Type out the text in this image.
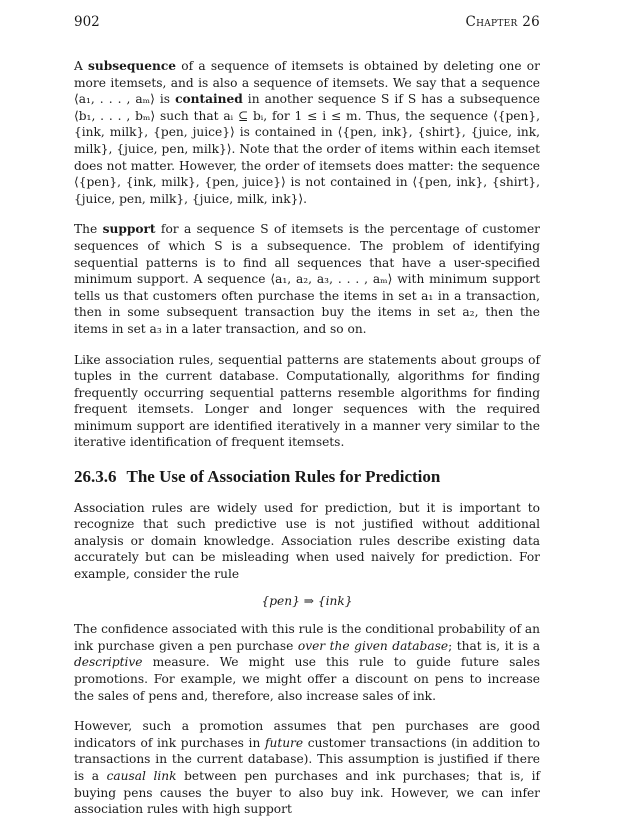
902	Chapter 26

A subsequence of a sequence of itemsets is obtained by deleting one or more itemsets, and is also a sequence of itemsets. We say that a sequence ⟨a₁, . . . , aₘ⟩ is contained in another sequence S if S has a subsequence ⟨b₁, . . . , bₘ⟩ such that aᵢ ⊆ bᵢ, for 1 ≤ i ≤ m. Thus, the sequence ⟨{pen}, {ink, milk}, {pen, juice}⟩ is contained in ⟨{pen, ink}, {shirt}, {juice, ink, milk}, {juice, pen, milk}⟩. Note that the order of items within each itemset does not matter. However, the order of itemsets does matter: the sequence ⟨{pen}, {ink, milk}, {pen, juice}⟩ is not contained in ⟨{pen, ink}, {shirt}, {juice, pen, milk}, {juice, milk, ink}⟩.

The support for a sequence S of itemsets is the percentage of customer sequences of which S is a subsequence. The problem of identifying sequential patterns is to find all sequences that have a user-specified minimum support. A sequence ⟨a₁, a₂, a₃, . . . , aₘ⟩ with minimum support tells us that customers often purchase the items in set a₁ in a transaction, then in some subsequent transaction buy the items in set a₂, then the items in set a₃ in a later transaction, and so on.

Like association rules, sequential patterns are statements about groups of tuples in the current database. Computationally, algorithms for finding frequently occurring sequential patterns resemble algorithms for finding frequent itemsets. Longer and longer sequences with the required minimum support are identified iteratively in a manner very similar to the iterative identification of frequent itemsets.

26.3.6 The Use of Association Rules for Prediction

Association rules are widely used for prediction, but it is important to recognize that such predictive use is not justified without additional analysis or domain knowledge. Association rules describe existing data accurately but can be misleading when used naively for prediction. For example, consider the rule

{pen} ⇒ {ink}

The confidence associated with this rule is the conditional probability of an ink purchase given a pen purchase over the given database; that is, it is a descriptive measure. We might use this rule to guide future sales promotions. For example, we might offer a discount on pens to increase the sales of pens and, therefore, also increase sales of ink.

However, such a promotion assumes that pen purchases are good indicators of ink purchases in future customer transactions (in addition to transactions in the current database). This assumption is justified if there is a causal link between pen purchases and ink purchases; that is, if buying pens causes the buyer to also buy ink. However, we can infer association rules with high support
